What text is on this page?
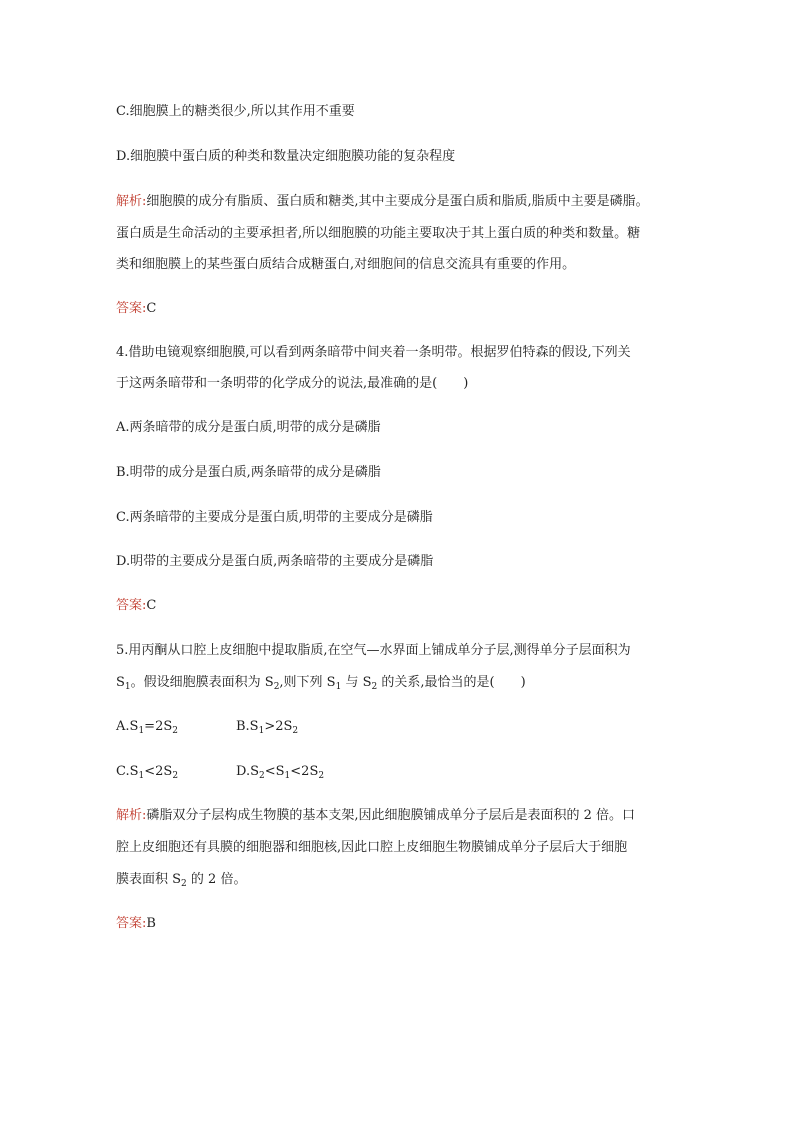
C.细胞膜上的糖类很少,所以其作用不重要
D.细胞膜中蛋白质的种类和数量决定细胞膜功能的复杂程度
解析:细胞膜的成分有脂质、蛋白质和糖类,其中主要成分是蛋白质和脂质,脂质中主要是磷脂。
蛋白质是生命活动的主要承担者,所以细胞膜的功能主要取决于其上蛋白质的种类和数量。糖
类和细胞膜上的某些蛋白质结合成糖蛋白,对细胞间的信息交流具有重要的作用。
答案:C
4.借助电镜观察细胞膜,可以看到两条暗带中间夹着一条明带。根据罗伯特森的假设,下列关
于这两条暗带和一条明带的化学成分的说法,最准确的是(　　)
A.两条暗带的成分是蛋白质,明带的成分是磷脂
B.明带的成分是蛋白质,两条暗带的成分是磷脂
C.两条暗带的主要成分是蛋白质,明带的主要成分是磷脂
D.明带的主要成分是蛋白质,两条暗带的主要成分是磷脂
答案:C
5.用丙酮从口腔上皮细胞中提取脂质,在空气—水界面上铺成单分子层,测得单分子层面积为
$S_1$。假设细胞膜表面积为 $S_2$,则下列 $S_1$ 与 $S_2$ 的关系,最恰当的是(　　)
$A.S_1=2S_2$	$B.S_1>2S_2$
$C.S_1<2S_2$	$D.S_2<S_1<2S_2$
解析:磷脂双分子层构成生物膜的基本支架,因此细胞膜铺成单分子层后是表面积的 2 倍。口
腔上皮细胞还有具膜的细胞器和细胞核,因此口腔上皮细胞生物膜铺成单分子层后大于细胞
膜表面积 $S_2$ 的 2 倍。
答案:B
